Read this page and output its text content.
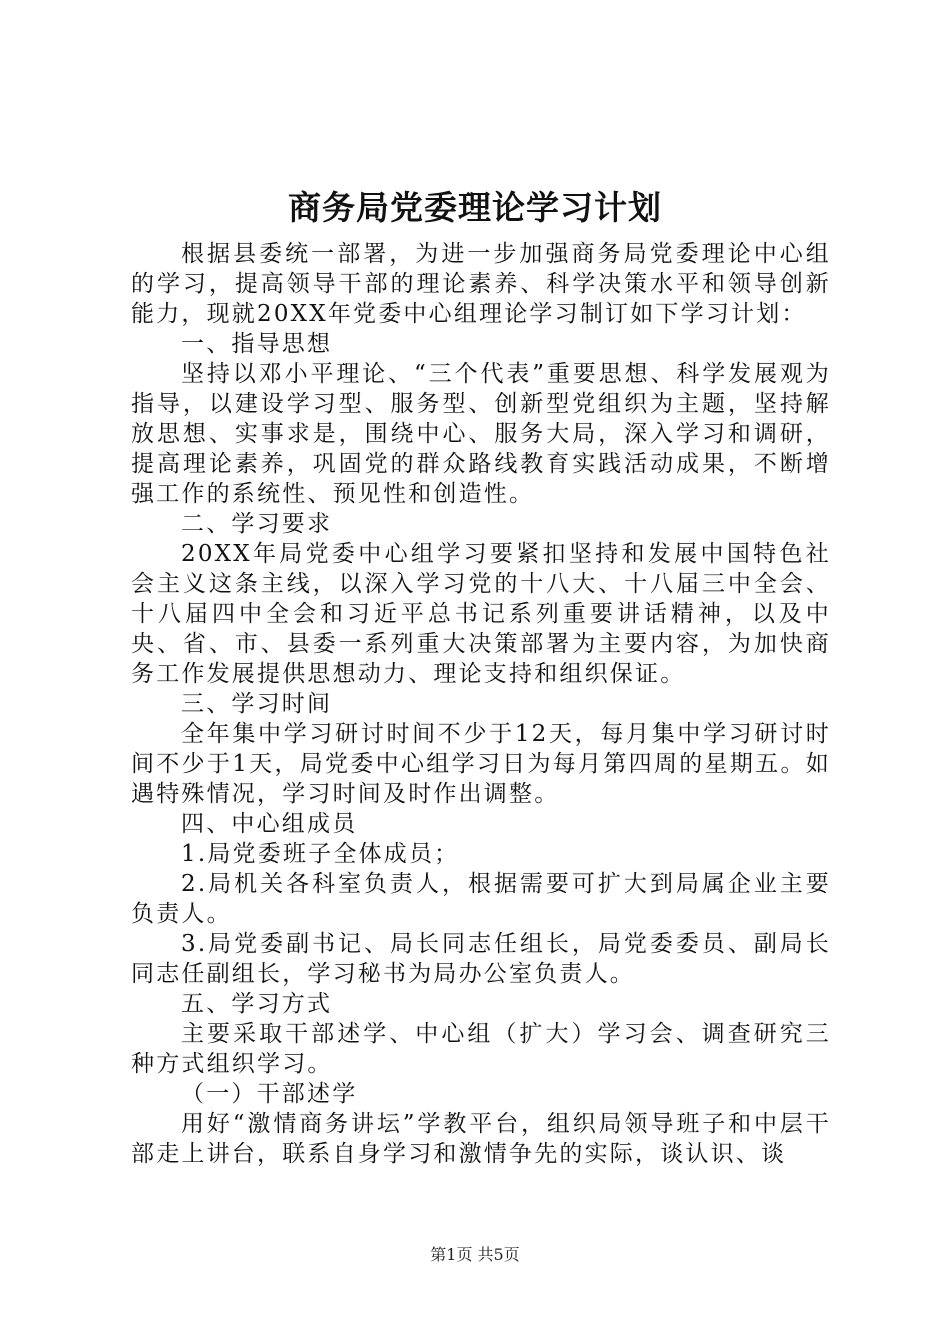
商务局党委理论学习计划

根据县委统一部署，为进一步加强商务局党委理论中心组的学习，提高领导干部的理论素养、科学决策水平和领导创新能力，现就20XX年党委中心组理论学习制订如下学习计划：

一、指导思想

坚持以邓小平理论、“三个代表”重要思想、科学发展观为指导，以建设学习型、服务型、创新型党组织为主题，坚持解放思想、实事求是，围绕中心、服务大局，深入学习和调研，提高理论素养，巩固党的群众路线教育实践活动成果，不断增强工作的系统性、预见性和创造性。

二、学习要求

20XX年局党委中心组学习要紧扣坚持和发展中国特色社会主义这条主线，以深入学习党的十八大、十八届三中全会、十八届四中全会和习近平总书记系列重要讲话精神，以及中央、省、市、县委一系列重大决策部署为主要内容，为加快商务工作发展提供思想动力、理论支持和组织保证。

三、学习时间

全年集中学习研讨时间不少于12天，每月集中学习研讨时间不少于1天，局党委中心组学习日为每月第四周的星期五。如遇特殊情况，学习时间及时作出调整。

四、中心组成员

1.局党委班子全体成员；

2.局机关各科室负责人，根据需要可扩大到局属企业主要负责人。

3.局党委副书记、局长同志任组长，局党委委员、副局长同志任副组长，学习秘书为局办公室负责人。

五、学习方式

主要采取干部述学、中心组（扩大）学习会、调查研究三种方式组织学习。

（一）干部述学

用好“激情商务讲坛”学教平台，组织局领导班子和中层干部走上讲台，联系自身学习和激情争先的实际，谈认识、谈

第1页 共5页
